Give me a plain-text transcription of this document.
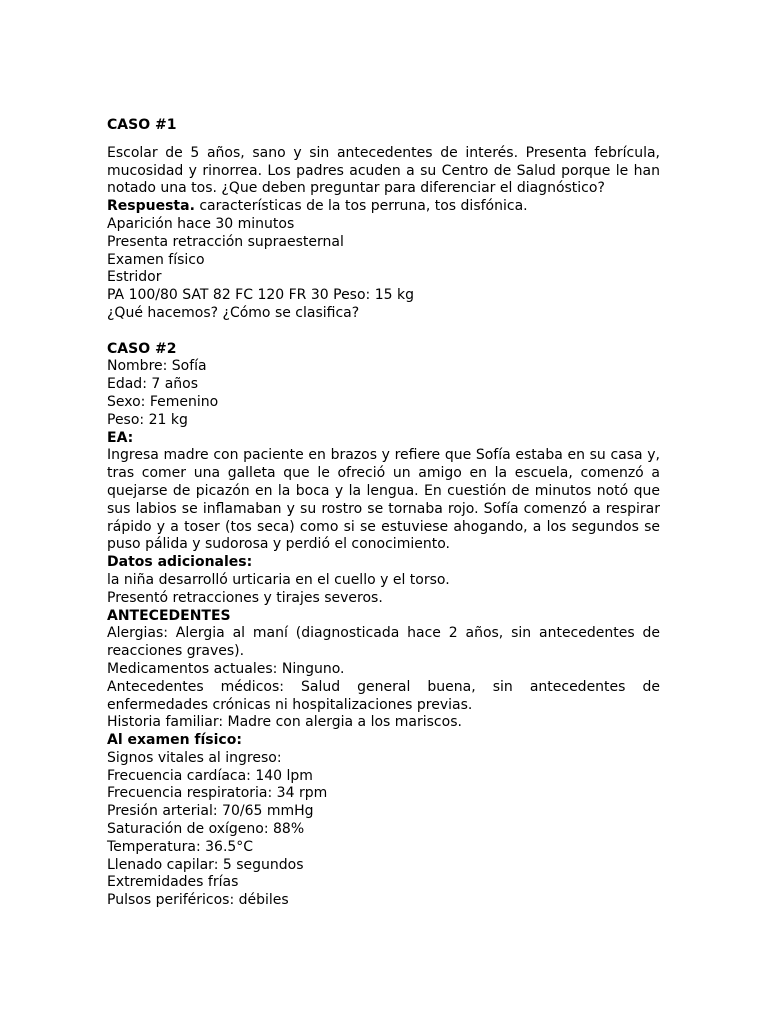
CASO #1
Escolar de 5 años, sano y sin antecedentes de interés. Presenta febrícula, mucosidad y rinorrea. Los padres acuden a su Centro de Salud porque le han notado una tos. ¿Que deben preguntar para diferenciar el diagnóstico?
Respuesta. características de la tos perruna, tos disfónica.
Aparición hace 30 minutos
Presenta retracción supraesternal
Examen físico
Estridor
PA 100/80 SAT 82 FC 120 FR 30 Peso: 15 kg
¿Qué hacemos? ¿Cómo se clasifica?
CASO #2
Nombre: Sofía
Edad: 7 años
Sexo: Femenino
Peso: 21 kg
EA:
Ingresa madre con paciente en brazos y refiere que Sofía estaba en su casa y, tras comer una galleta que le ofreció un amigo en la escuela, comenzó a quejarse de picazón en la boca y la lengua. En cuestión de minutos notó que sus labios se inflamaban y su rostro se tornaba rojo. Sofía comenzó a respirar rápido y a toser (tos seca) como si se estuviese ahogando, a los segundos se puso pálida y sudorosa y perdió el conocimiento.
Datos adicionales:
la niña desarrolló urticaria en el cuello y el torso.
Presentó retracciones y tirajes severos.
ANTECEDENTES
Alergias: Alergia al maní (diagnosticada hace 2 años, sin antecedentes de reacciones graves).
Medicamentos actuales: Ninguno.
Antecedentes médicos: Salud general buena, sin antecedentes de enfermedades crónicas ni hospitalizaciones previas.
Historia familiar: Madre con alergia a los mariscos.
Al examen físico:
Signos vitales al ingreso:
Frecuencia cardíaca: 140 lpm
Frecuencia respiratoria: 34 rpm
Presión arterial: 70/65 mmHg
Saturación de oxígeno: 88%
Temperatura: 36.5°C
Llenado capilar: 5 segundos
Extremidades frías
Pulsos periféricos: débiles
